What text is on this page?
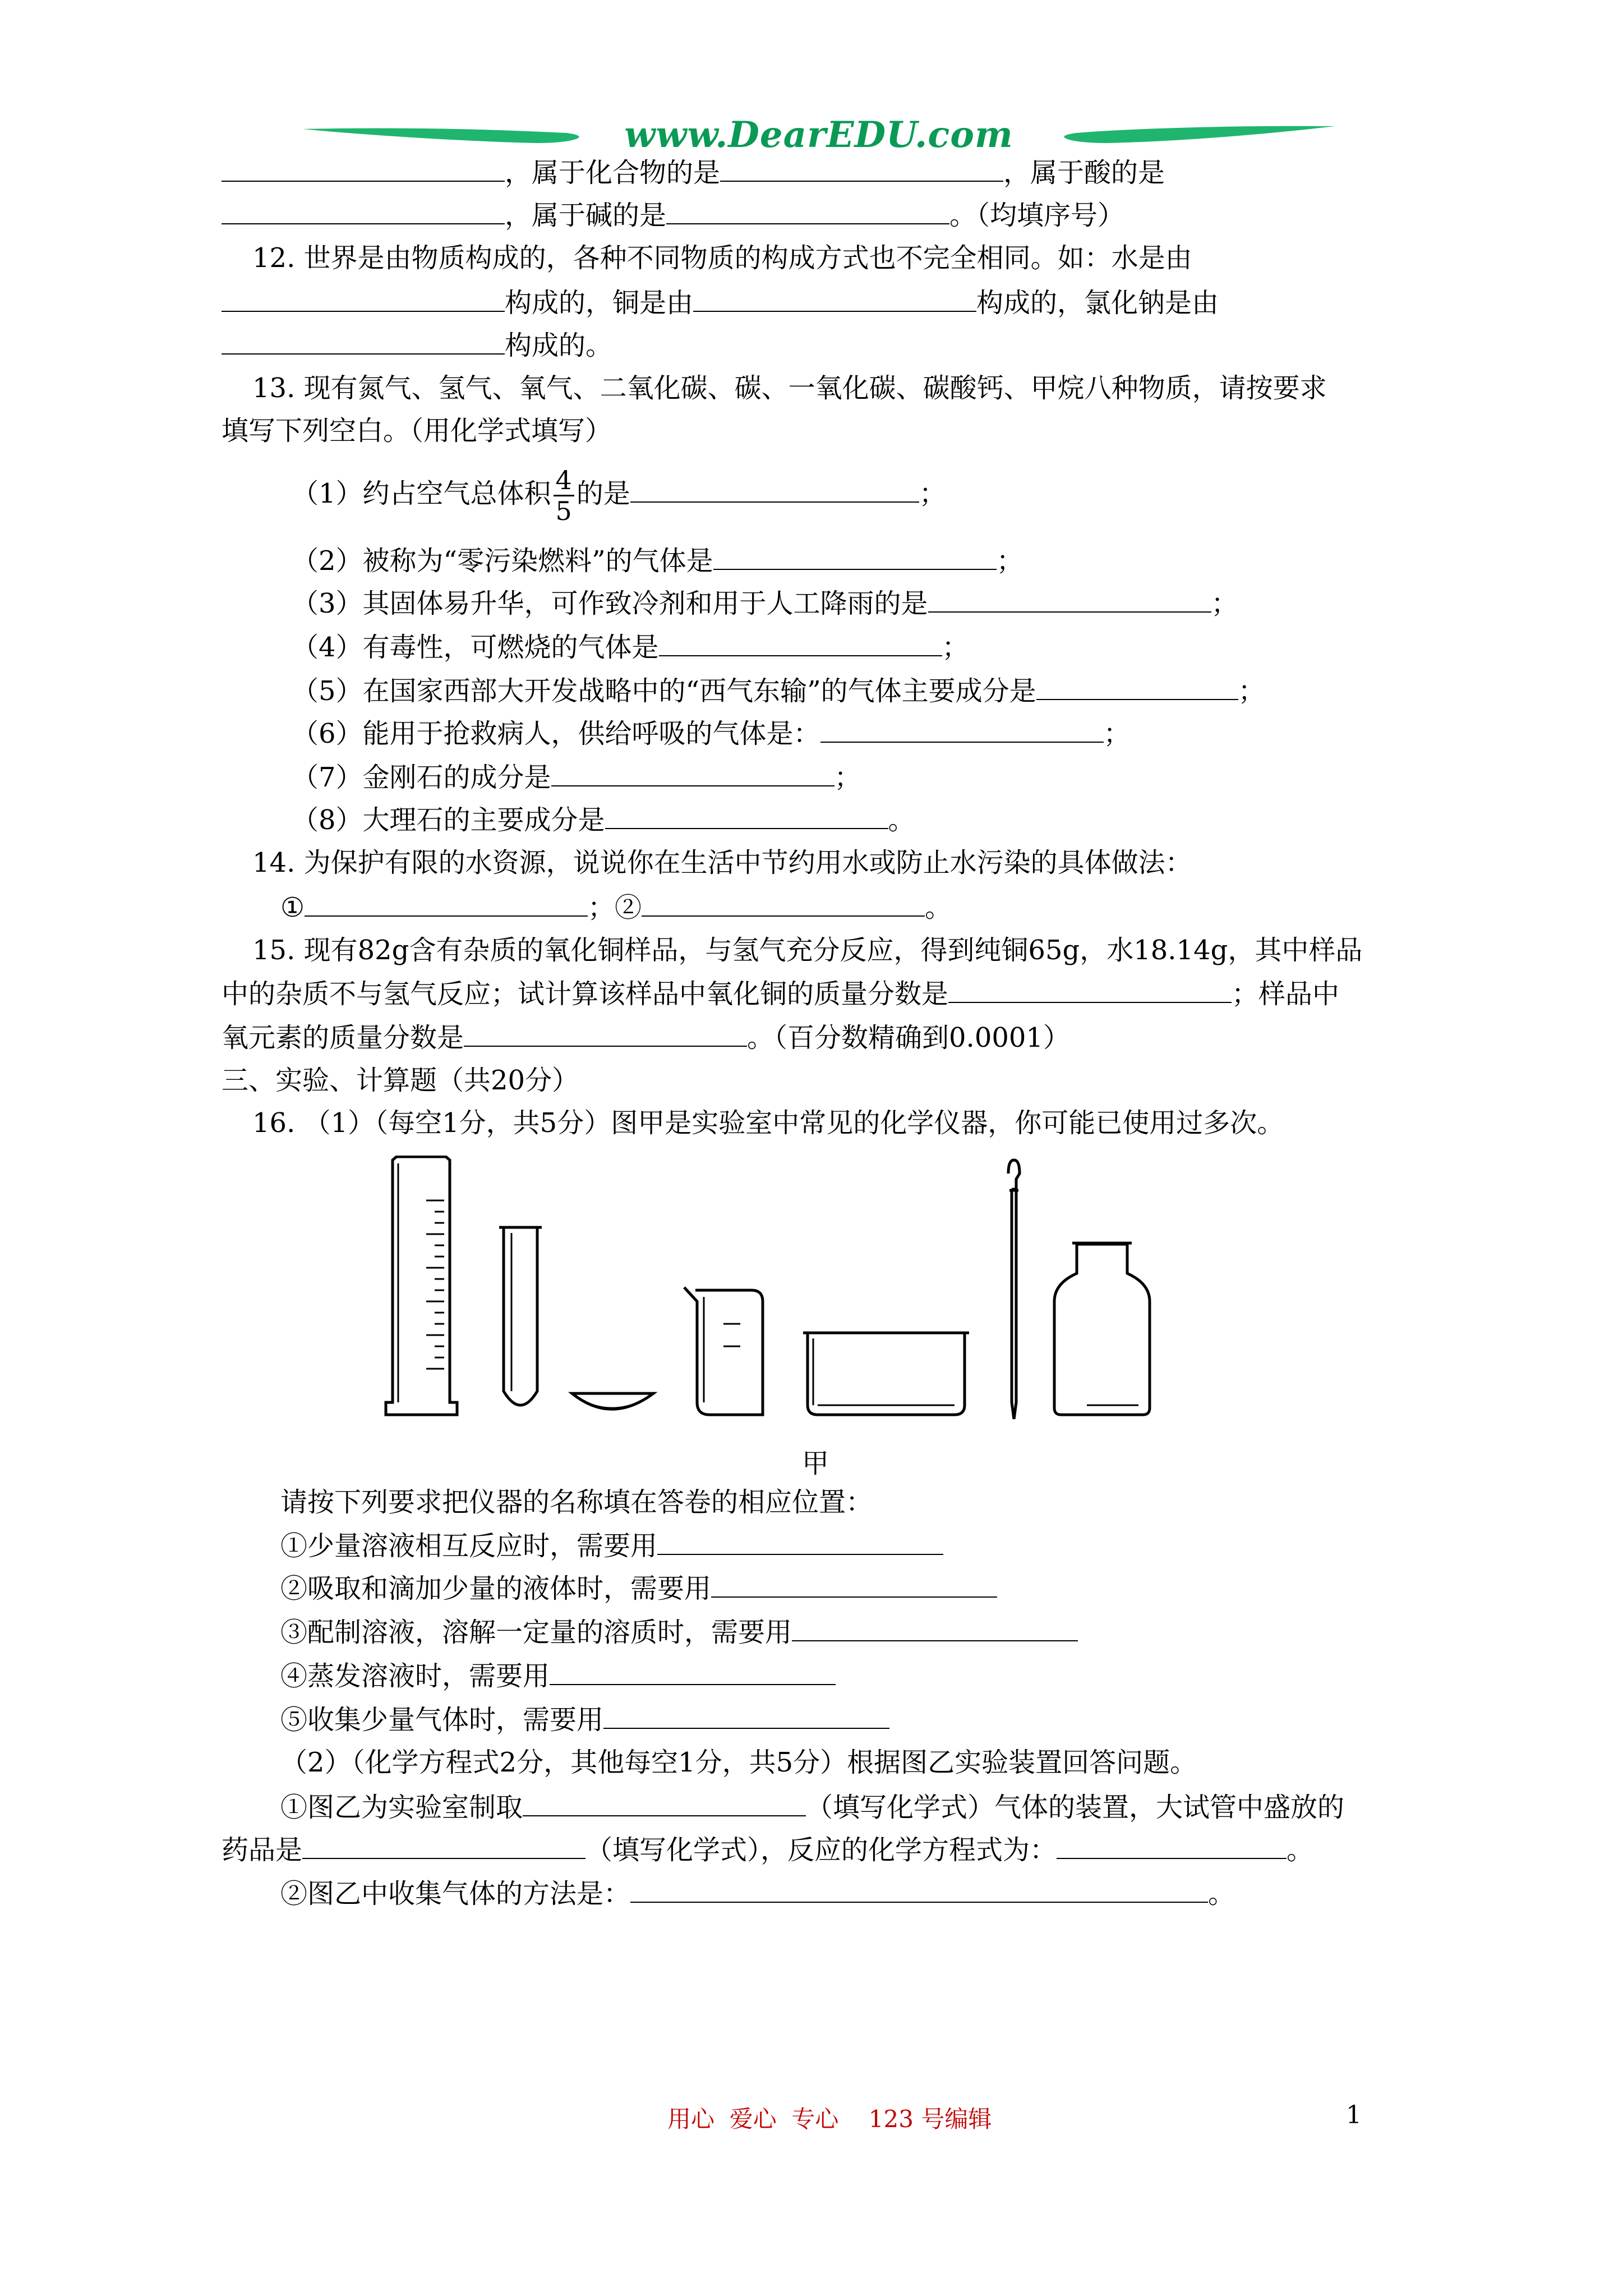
www.DearEDU.com
，属于化合物的是	，属于酸的是
，属于碱的是	。（均填序号）
12. 世界是由物质构成的，各种不同物质的构成方式也不完全相同。如：水是由
构成的，铜是由	构成的，氯化钠是由
构成的。
13. 现有氮气、氢气、氧气、二氧化碳、碳、一氧化碳、碳酸钙、甲烷八种物质，请按要求
填写下列空白。（用化学式填写）
（1）约占空气总体积 $\frac{4}{5}$ 的是	；
（2）被称为“零污染燃料”的气体是	；
（3）其固体易升华，可作致冷剂和用于人工降雨的是	；
（4）有毒性，可燃烧的气体是	；
（5）在国家西部大开发战略中的“西气东输”的气体主要成分是	；
（6）能用于抢救病人，供给呼吸的气体是：	；
（7）金刚石的成分是	；
（8）大理石的主要成分是	。
14. 为保护有限的水资源，说说你在生活中节约用水或防止水污染的具体做法：
①	；②	。
15. 现有82g含有杂质的氧化铜样品，与氢气充分反应，得到纯铜65g，水18.14g，其中样品
中的杂质不与氢气反应；试计算该样品中氧化铜的质量分数是	；样品中
氧元素的质量分数是	。（百分数精确到0.0001）
三、实验、计算题（共20分）
16. （1）（每空1分，共5分）图甲是实验室中常见的化学仪器，你可能已使用过多次。
甲
请按下列要求把仪器的名称填在答卷的相应位置：
①少量溶液相互反应时，需要用
②吸取和滴加少量的液体时，需要用
③配制溶液，溶解一定量的溶质时，需要用
④蒸发溶液时，需要用
⑤收集少量气体时，需要用
（2）（化学方程式2分，其他每空1分，共5分）根据图乙实验装置回答问题。
①图乙为实验室制取	（填写化学式）气体的装置，大试管中盛放的
药品是	（填写化学式），反应的化学方程式为：	。
②图乙中收集气体的方法是：	。
用心  爱心  专心    123 号编辑	1
